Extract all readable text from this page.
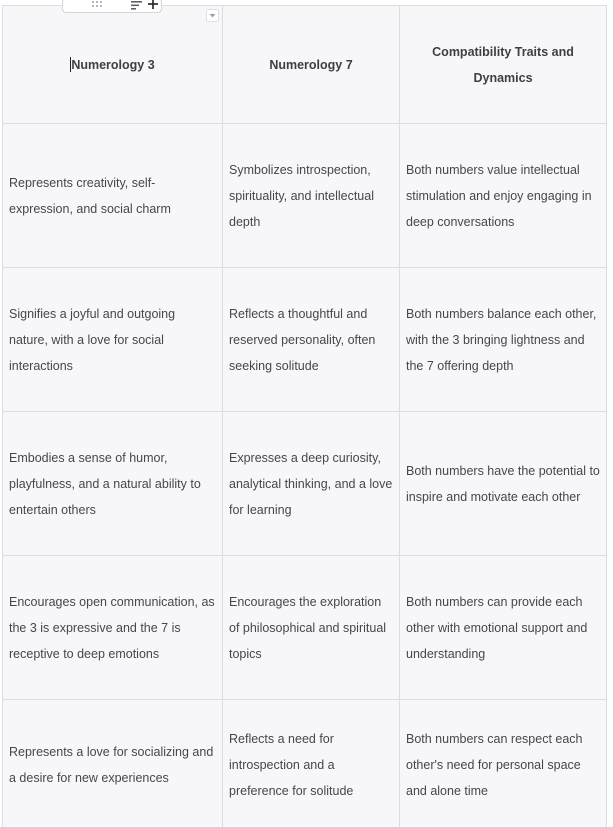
Numerology 3	Numerology 7	Compatibility Traits and Dynamics
Represents creativity, self-expression, and social charm	Symbolizes introspection, spirituality, and intellectual depth	Both numbers value intellectual stimulation and enjoy engaging in deep conversations
Signifies a joyful and outgoing nature, with a love for social interactions	Reflects a thoughtful and reserved personality, often seeking solitude	Both numbers balance each other, with the 3 bringing lightness and the 7 offering depth
Embodies a sense of humor, playfulness, and a natural ability to entertain others	Expresses a deep curiosity, analytical thinking, and a love for learning	Both numbers have the potential to inspire and motivate each other
Encourages open communication, as the 3 is expressive and the 7 is receptive to deep emotions	Encourages the exploration of philosophical and spiritual topics	Both numbers can provide each other with emotional support and understanding
Represents a love for socializing and a desire for new experiences	Reflects a need for introspection and a preference for solitude	Both numbers can respect each other's need for personal space and alone time
